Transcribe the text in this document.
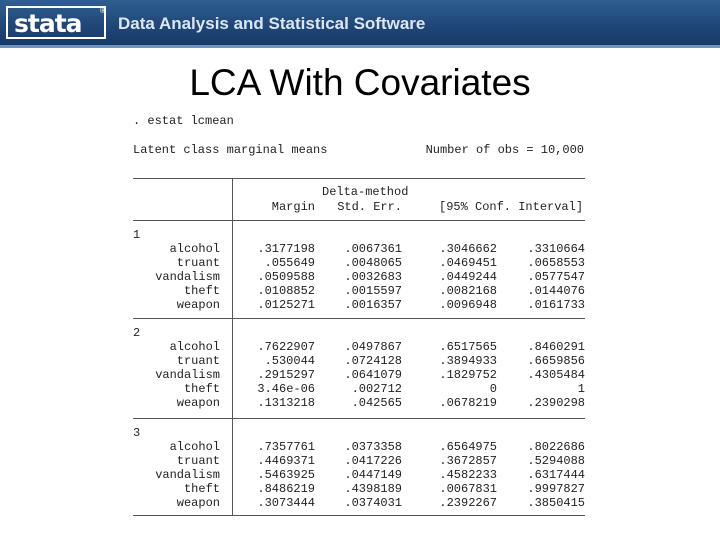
stata ®
Data Analysis and Statistical Software
LCA With Covariates
. estat lcmean
Latent class marginal means	Number of obs = 10,000
Delta-method
Margin	Std. Err.	[95% Conf. Interval]
1
alcohol	.3177198	.0067361	.3046662	.3310664
truant	.055649	.0048065	.0469451	.0658553
vandalism	.0509588	.0032683	.0449244	.0577547
theft	.0108852	.0015597	.0082168	.0144076
weapon	.0125271	.0016357	.0096948	.0161733
2
alcohol	.7622907	.0497867	.6517565	.8460291
truant	.530044	.0724128	.3894933	.6659856
vandalism	.2915297	.0641079	.1829752	.4305484
theft	3.46e-06	.002712	0	1
weapon	.1313218	.042565	.0678219	.2390298
3
alcohol	.7357761	.0373358	.6564975	.8022686
truant	.4469371	.0417226	.3672857	.5294088
vandalism	.5463925	.0447149	.4582233	.6317444
theft	.8486219	.4398189	.0067831	.9997827
weapon	.3073444	.0374031	.2392267	.3850415
